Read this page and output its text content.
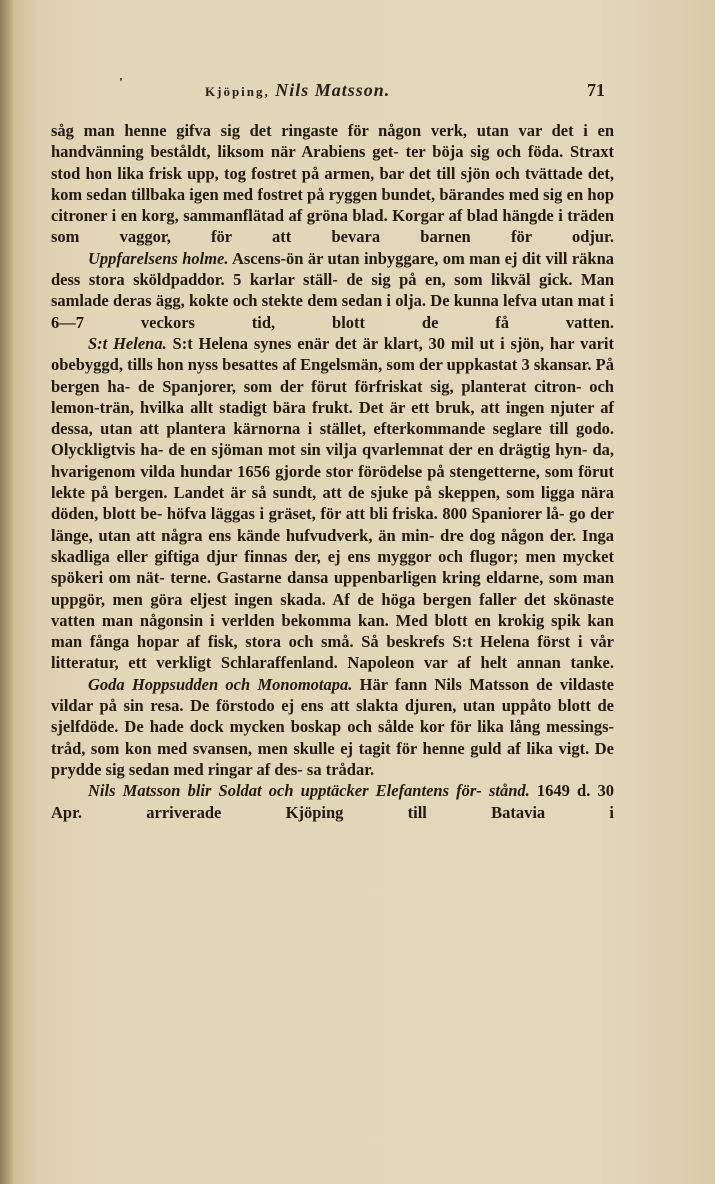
'
Kjöping, Nils Matsson.	71

såg man henne gifva sig det ringaste för någon verk, utan var det i en handvänning beståldt, liksom när Arabiens get- ter böja sig och föda. Straxt stod hon lika frisk upp, tog fostret på armen, bar det till sjön och tvättade det, kom sedan tillbaka igen med fostret på ryggen bundet, bärandes med sig en hop citroner i en korg, sammanflätad af gröna blad. Korgar af blad hängde i träden som vaggor, för att bevara barnen för odjur.

Uppfarelsens holme. Ascens-ön är utan inbyggare, om man ej dit vill räkna dess stora sköldpaddor. 5 karlar ställ- de sig på en, som likväl gick. Man samlade deras ägg, kokte och stekte dem sedan i olja. De kunna lefva utan mat i 6—7 veckors tid, blott de få vatten.

S:t Helena. S:t Helena synes enär det är klart, 30 mil ut i sjön, har varit obebyggd, tills hon nyss besattes af Engelsmän, som der uppkastat 3 skansar. På bergen ha- de Spanjorer, som der förut förfriskat sig, planterat citron- och lemon-trän, hvilka allt stadigt bära frukt. Det är ett bruk, att ingen njuter af dessa, utan att plantera kärnorna i stället, efterkommande seglare till godo. Olyckligtvis ha- de en sjöman mot sin vilja qvarlemnat der en drägtig hyn- da, hvarigenom vilda hundar 1656 gjorde stor förödelse på stengetterne, som förut lekte på bergen. Landet är så sundt, att de sjuke på skeppen, som ligga nära döden, blott be- höfva läggas i gräset, för att bli friska. 800 Spaniorer lå- go der länge, utan att några ens kände hufvudverk, än min- dre dog någon der. Inga skadliga eller giftiga djur finnas der, ej ens myggor och flugor; men mycket spökeri om nät- terne. Gastarne dansa uppenbarligen kring eldarne, som man uppgör, men göra eljest ingen skada. Af de höga bergen faller det skönaste vatten man någonsin i verlden bekomma kan. Med blott en krokig spik kan man fånga hopar af fisk, stora och små. Så beskrefs S:t Helena först i vår litteratur, ett verkligt Schlaraffenland. Napoleon var af helt annan tanke.

Goda Hoppsudden och Monomotapa. Här fann Nils Matsson de vildaste vildar på sin resa. De förstodo ej ens att slakta djuren, utan uppåto blott de sjelfdöde. De hade dock mycken boskap och sålde kor för lika lång messings- tråd, som kon med svansen, men skulle ej tagit för henne guld af lika vigt. De prydde sig sedan med ringar af des- sa trådar.

Nils Matsson blir Soldat och upptäcker Elefantens för- stånd. 1649 d. 30 Apr. arriverade Kjöping till Batavia i
